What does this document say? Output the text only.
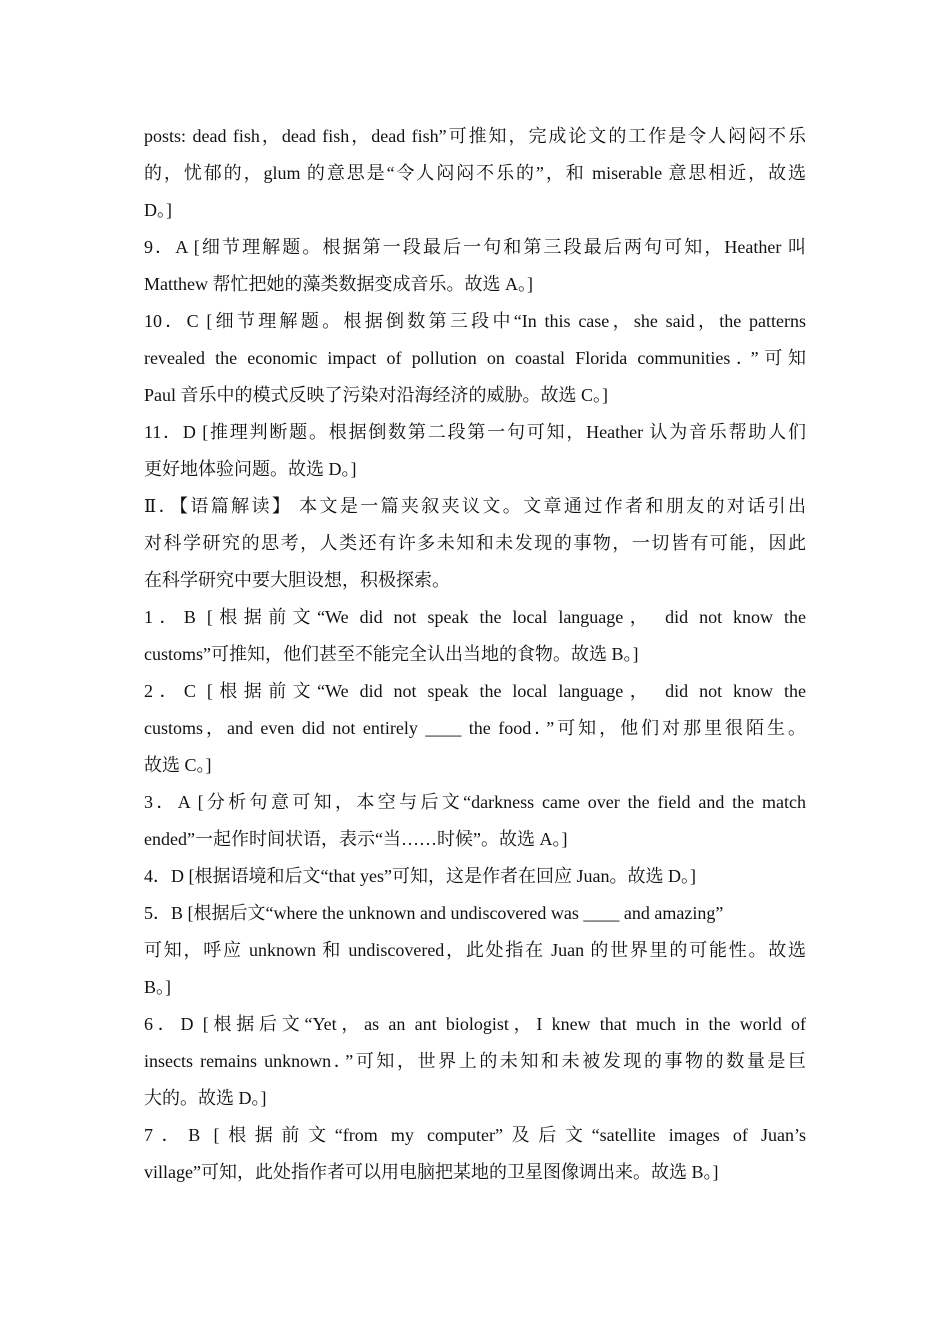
posts: dead fish，dead fish，dead fish”可推知，完成论文的工作是令人闷闷不乐
的，忧郁的，glum 的意思是“令人闷闷不乐的”，和 miserable 意思相近，故选
D。]
9．A [细节理解题。根据第一段最后一句和第三段最后两句可知，Heather 叫
Matthew 帮忙把她的藻类数据变成音乐。故选 A。]
10．C [细节理解题。根据倒数第三段中“In this case，she said，the patterns
revealed the economic impact of pollution on coastal Florida communities．”可知
Paul 音乐中的模式反映了污染对沿海经济的威胁。故选 C。]
11．D [推理判断题。根据倒数第二段第一句可知，Heather 认为音乐帮助人们
更好地体验问题。故选 D。]
Ⅱ．【语篇解读】 本文是一篇夹叙夹议文。文章通过作者和朋友的对话引出
对科学研究的思考，人类还有许多未知和未发现的事物，一切皆有可能，因此
在科学研究中要大胆设想，积极探索。
1．B [根据前文“We did not speak the local language， did not know the
customs”可推知，他们甚至不能完全认出当地的食物。故选 B。]
2．C [根据前文“We did not speak the local language， did not know the
customs，and even did not entirely ____ the food．”可知，他们对那里很陌生。
故选 C。]
3．A [分析句意可知，本空与后文“darkness came over the field and the match
ended”一起作时间状语，表示“当……时候”。故选 A。]
4．D [根据语境和后文“that yes”可知，这是作者在回应 Juan。故选 D。]
5．B [根据后文“where the unknown and undiscovered was ____ and amazing”
可知，呼应 unknown 和 undiscovered，此处指在 Juan 的世界里的可能性。故选
B。]
6．D [根据后文“Yet，as an ant biologist，I knew that much in the world of
insects remains unknown．”可知，世界上的未知和未被发现的事物的数量是巨
大的。故选 D。]
7．B [根据前文“from my computer”及后文“satellite images of Juan’s
village”可知，此处指作者可以用电脑把某地的卫星图像调出来。故选 B。]
